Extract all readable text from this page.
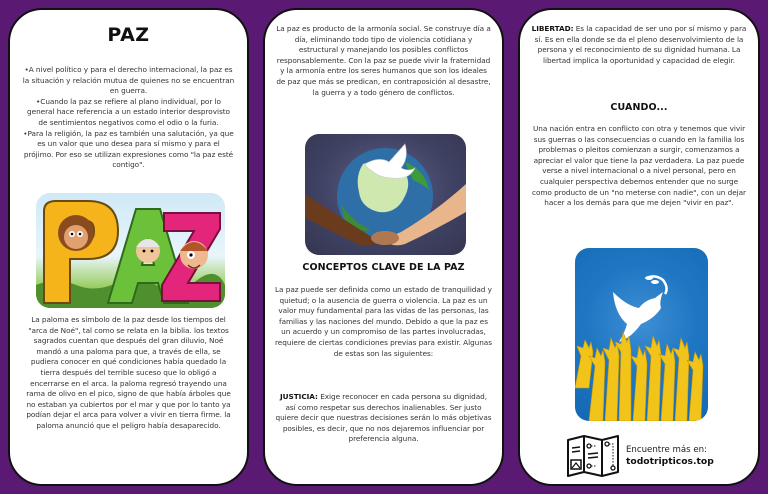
PAZ

•A nivel político y para el derecho internacional, la paz es la situación y relación mutua de quienes no se encuentran en guerra.

•Cuando la paz se refiere al plano individual, por lo general hace referencia a un estado interior desprovisto de sentimientos negativos como el odio o la furia.

•Para la religión, la paz es también una salutación, ya que es un valor que uno desea para sí mismo y para el prójimo. Por eso se utilizan expresiones como "la paz esté contigo".

La paloma es símbolo de la paz desde los tiempos del "arca de Noé", tal como se relata en la biblia. los textos sagrados cuentan que después del gran diluvio, Noé mandó a una paloma para que, a través de ella, se pudiera conocer en qué condiciones había quedado la tierra después del terrible suceso que lo obligó a encerrarse en el arca. la paloma regresó trayendo una rama de olivo en el pico, signo de que había árboles que no estaban ya cubiertos por el mar y que por lo tanto ya podían dejar el arca para volver a vivir en tierra firme. la paloma anunció que el peligro había desaparecido.
La paz es producto de la armonía social. Se construye día a día, eliminando todo tipo de violencia cotidiana y estructural y manejando los posibles conflictos responsablemente. Con la paz se puede vivir la fraternidad y la armonía entre los seres humanos que son los ideales de paz que más se predican, en contraposición al desastre, la guerra y a todo género de conflictos.
CONCEPTOS CLAVE DE LA PAZ
La paz puede ser definida como un estado de tranquilidad y quietud; o la ausencia de guerra o violencia. La paz es un valor muy fundamental para las vidas de las personas, las familias y las naciones del mundo. Debido a que la paz es un acuerdo y un compromiso de las partes involucradas, requiere de ciertas condiciones previas para existir. Algunas de estas son las siguientes:
JUSTICIA: Exige reconocer en cada persona su dignidad, así como respetar sus derechos inalienables. Ser justo quiere decir que nuestras decisiones serán lo más objetivas posibles, es decir, que no nos dejaremos influenciar por preferencia alguna.
LIBERTAD: Es la capacidad de ser uno por sí mismo y para sí. Es en ella donde se da el pleno desenvolvimiento de la persona y el reconocimiento de su dignidad humana. La libertad implica la oportunidad y capacidad de elegir.
CUANDO...
Una nación entra en conflicto con otra y tenemos que vivir sus guerras o las consecuencias o cuando en la familia los problemas o pleitos comienzan a surgir, comenzamos a apreciar el valor que tiene la paz verdadera. La paz puede verse a nivel internacional o a nivel personal, pero en cualquier perspectiva debemos entender que no surge como producto de un "no meterse con nadie", con un dejar hacer a los demás para que me dejen "vivir en paz".
Encuentre más en:
todotripticos.top
